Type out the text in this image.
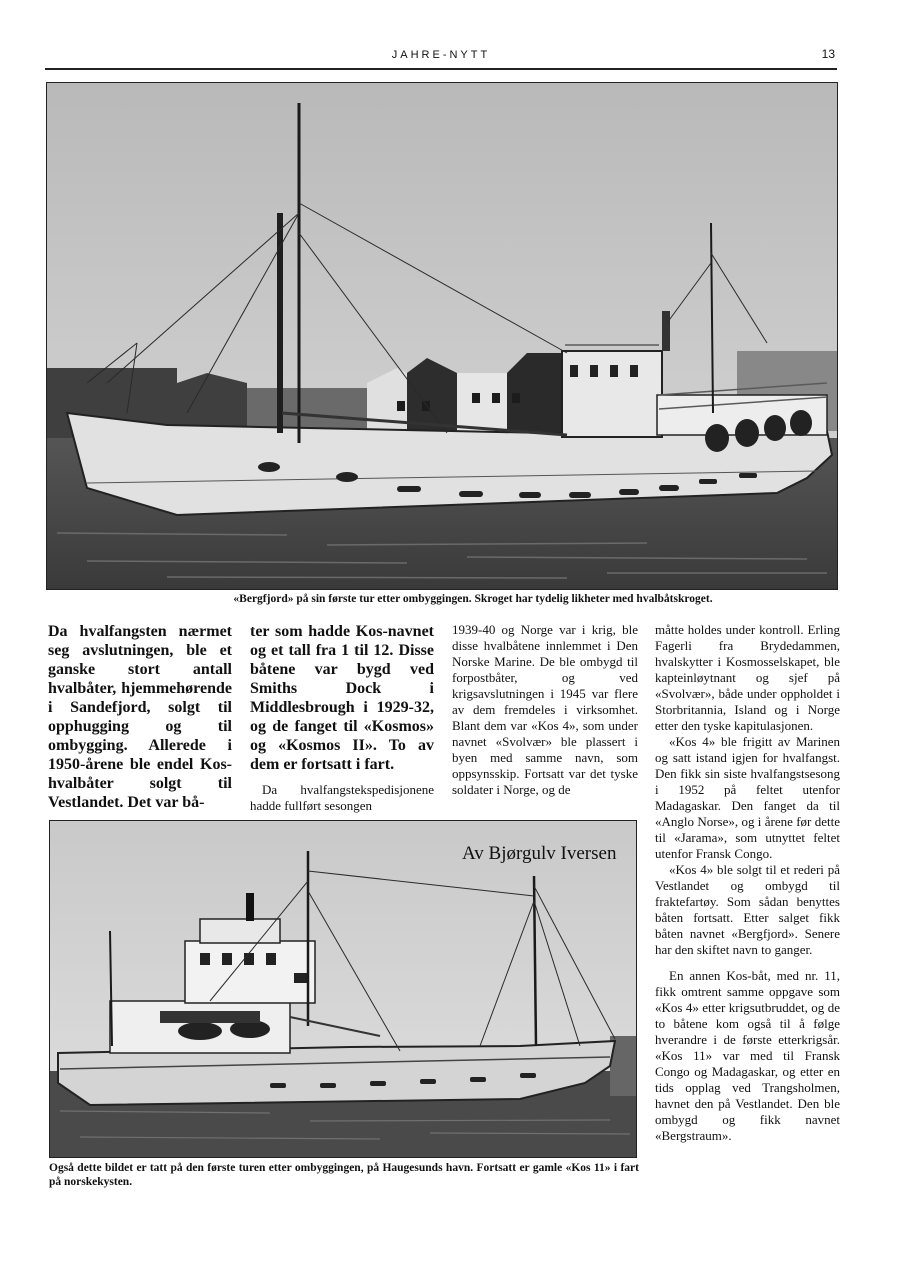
JAHRE-NYTT	13
«Bergfjord» på sin første tur etter ombyggingen. Skroget har tydelig likheter med hvalbåtskroget.

Da hvalfangsten nærmet seg avslutningen, ble et ganske stort antall hvalbåter, hjemmehørende i Sandefjord, solgt til opphugging og til ombygging. Allerede i 1950-årene ble endel Kos-hvalbåter solgt til Vestlandet. Det var bå-

ter som hadde Kos-navnet og et tall fra 1 til 12. Disse båtene var bygd ved Smiths Dock i Middlesbrough i 1929-32, og de fanget til «Kosmos» og «Kosmos II». To av dem er fortsatt i fart.

Da hvalfangstekspedisjonene hadde fullført sesongen

1939-40 og Norge var i krig, ble disse hvalbåtene innlemmet i Den Norske Marine. De ble ombygd til forpostbåter, og ved krigsavslutningen i 1945 var flere av dem fremdeles i virksomhet. Blant dem var «Kos 4», som under navnet «Svolvær» ble plassert i byen med samme navn, som oppsynsskip. Fortsatt var det tyske soldater i Norge, og de

måtte holdes under kontroll. Erling Fagerli fra Brydedammen, hvalskytter i Kosmosselskapet, ble kapteinløytnant og sjef på «Svolvær», både under oppholdet i Storbritannia, Island og i Norge etter den tyske kapitulasjonen.

«Kos 4» ble frigitt av Marinen og satt istand igjen for hvalfangst. Den fikk sin siste hvalfangstsesong i 1952 på feltet utenfor Madagaskar. Den fanget da til «Anglo Norse», og i årene før dette til «Jarama», som utnyttet feltet utenfor Fransk Congo.

«Kos 4» ble solgt til et rederi på Vestlandet og ombygd til fraktefartøy. Som sådan benyttes båten fortsatt. Etter salget fikk båten navnet «Bergfjord». Senere har den skiftet navn to ganger.

En annen Kos-båt, med nr. 11, fikk omtrent samme oppgave som «Kos 4» etter krigsutbruddet, og de to båtene kom også til å følge hverandre i de første etterkrigsår. «Kos 11» var med til Fransk Congo og Madagaskar, og etter en tids opplag ved Trangsholmen, havnet den på Vestlandet. Den ble ombygd og fikk navnet «Bergstraum».

Av Bjørgulv Iversen
Også dette bildet er tatt på den første turen etter ombyggingen, på Haugesunds havn. Fortsatt er gamle «Kos 11» i fart på norskekysten.
